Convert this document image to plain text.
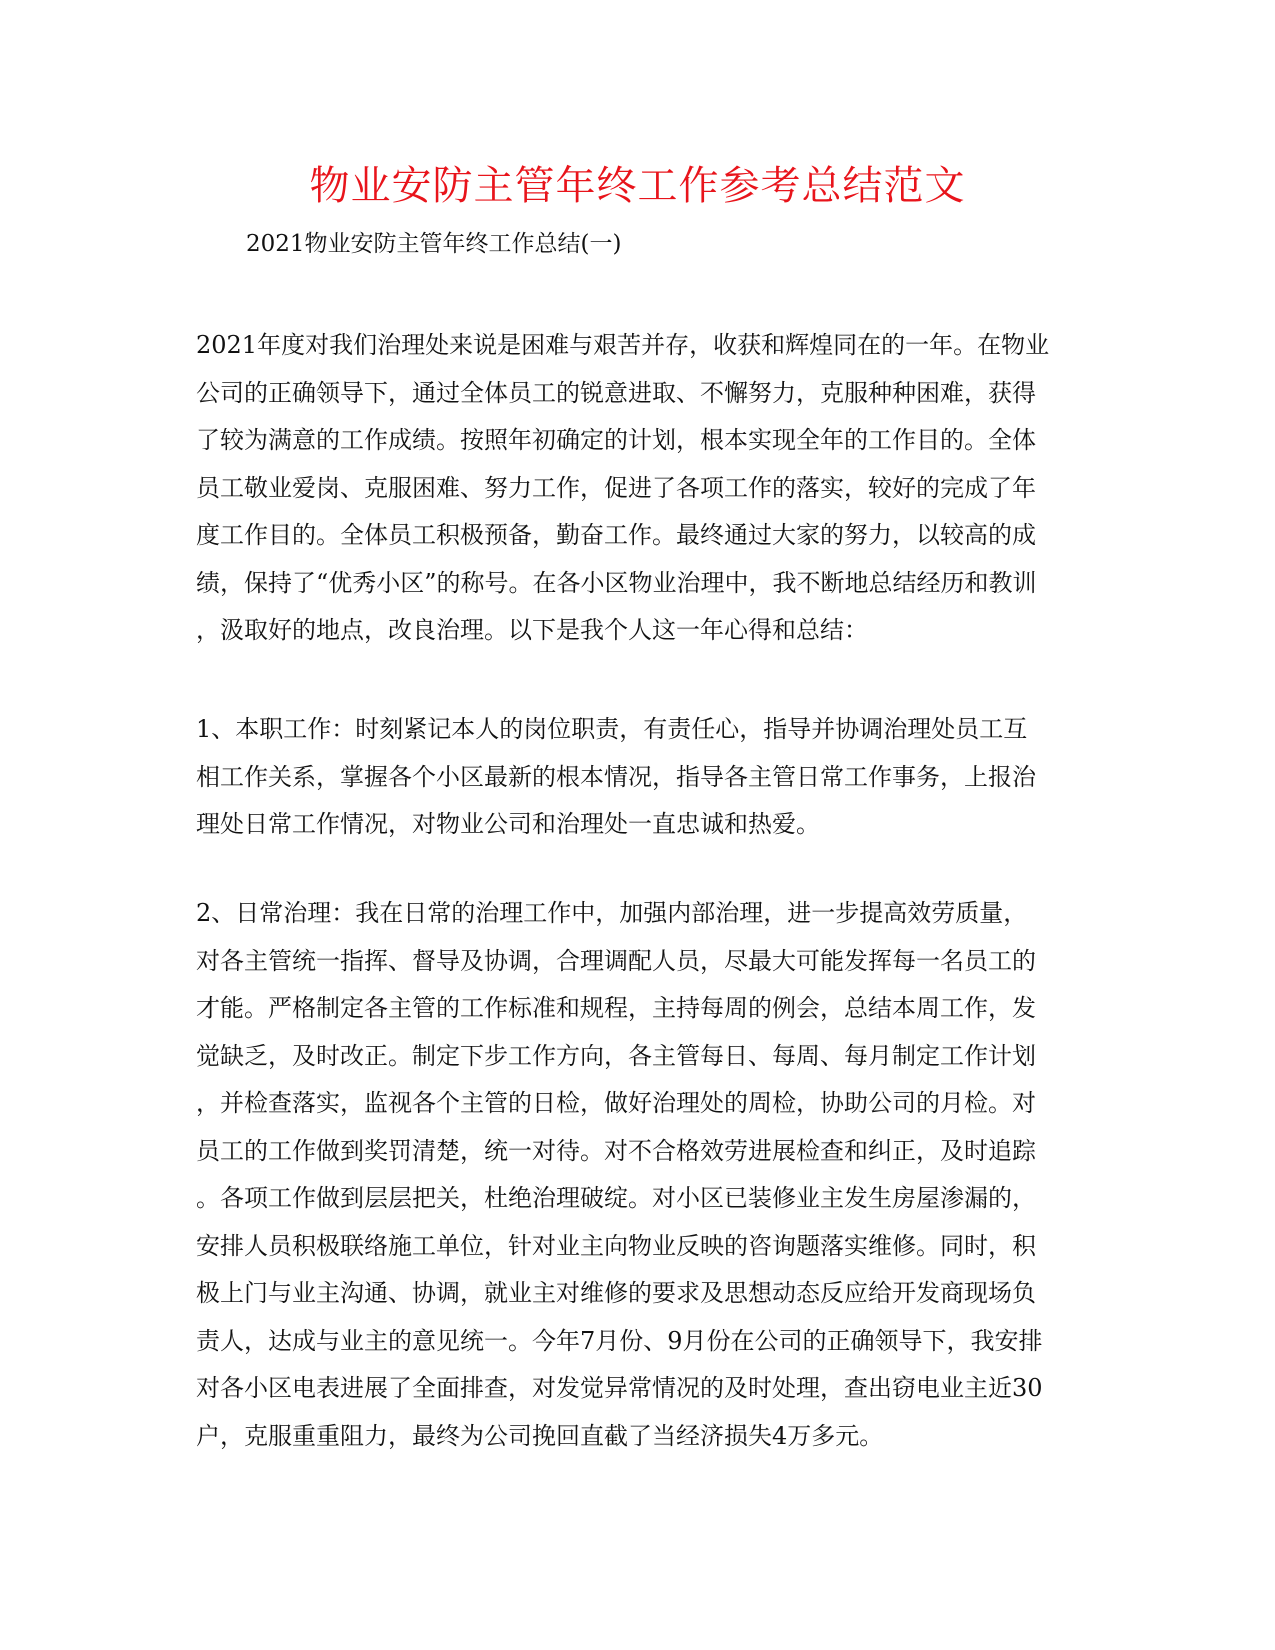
物业安防主管年终工作参考总结范文

2021物业安防主管年终工作总结(一)

2021年度对我们治理处来说是困难与艰苦并存，收获和辉煌同在的一年。在物业
公司的正确领导下，通过全体员工的锐意进取、不懈努力，克服种种困难，获得
了较为满意的工作成绩。按照年初确定的计划，根本实现全年的工作目的。全体
员工敬业爱岗、克服困难、努力工作，促进了各项工作的落实，较好的完成了年
度工作目的。全体员工积极预备，勤奋工作。最终通过大家的努力，以较高的成
绩，保持了“优秀小区”的称号。在各小区物业治理中，我不断地总结经历和教训
，汲取好的地点，改良治理。以下是我个人这一年心得和总结：
1、本职工作：时刻紧记本人的岗位职责，有责任心，指导并协调治理处员工互
相工作关系，掌握各个小区最新的根本情况，指导各主管日常工作事务，上报治
理处日常工作情况，对物业公司和治理处一直忠诚和热爱。
2、日常治理：我在日常的治理工作中，加强内部治理，进一步提高效劳质量，
对各主管统一指挥、督导及协调，合理调配人员，尽最大可能发挥每一名员工的
才能。严格制定各主管的工作标准和规程，主持每周的例会，总结本周工作，发
觉缺乏，及时改正。制定下步工作方向，各主管每日、每周、每月制定工作计划
，并检查落实，监视各个主管的日检，做好治理处的周检，协助公司的月检。对
员工的工作做到奖罚清楚，统一对待。对不合格效劳进展检查和纠正，及时追踪
。各项工作做到层层把关，杜绝治理破绽。对小区已装修业主发生房屋渗漏的，
安排人员积极联络施工单位，针对业主向物业反映的咨询题落实维修。同时，积
极上门与业主沟通、协调，就业主对维修的要求及思想动态反应给开发商现场负
责人，达成与业主的意见统一。今年7月份、9月份在公司的正确领导下，我安排
对各小区电表进展了全面排查，对发觉异常情况的及时处理，查出窃电业主近30
户，克服重重阻力，最终为公司挽回直截了当经济损失4万多元。
